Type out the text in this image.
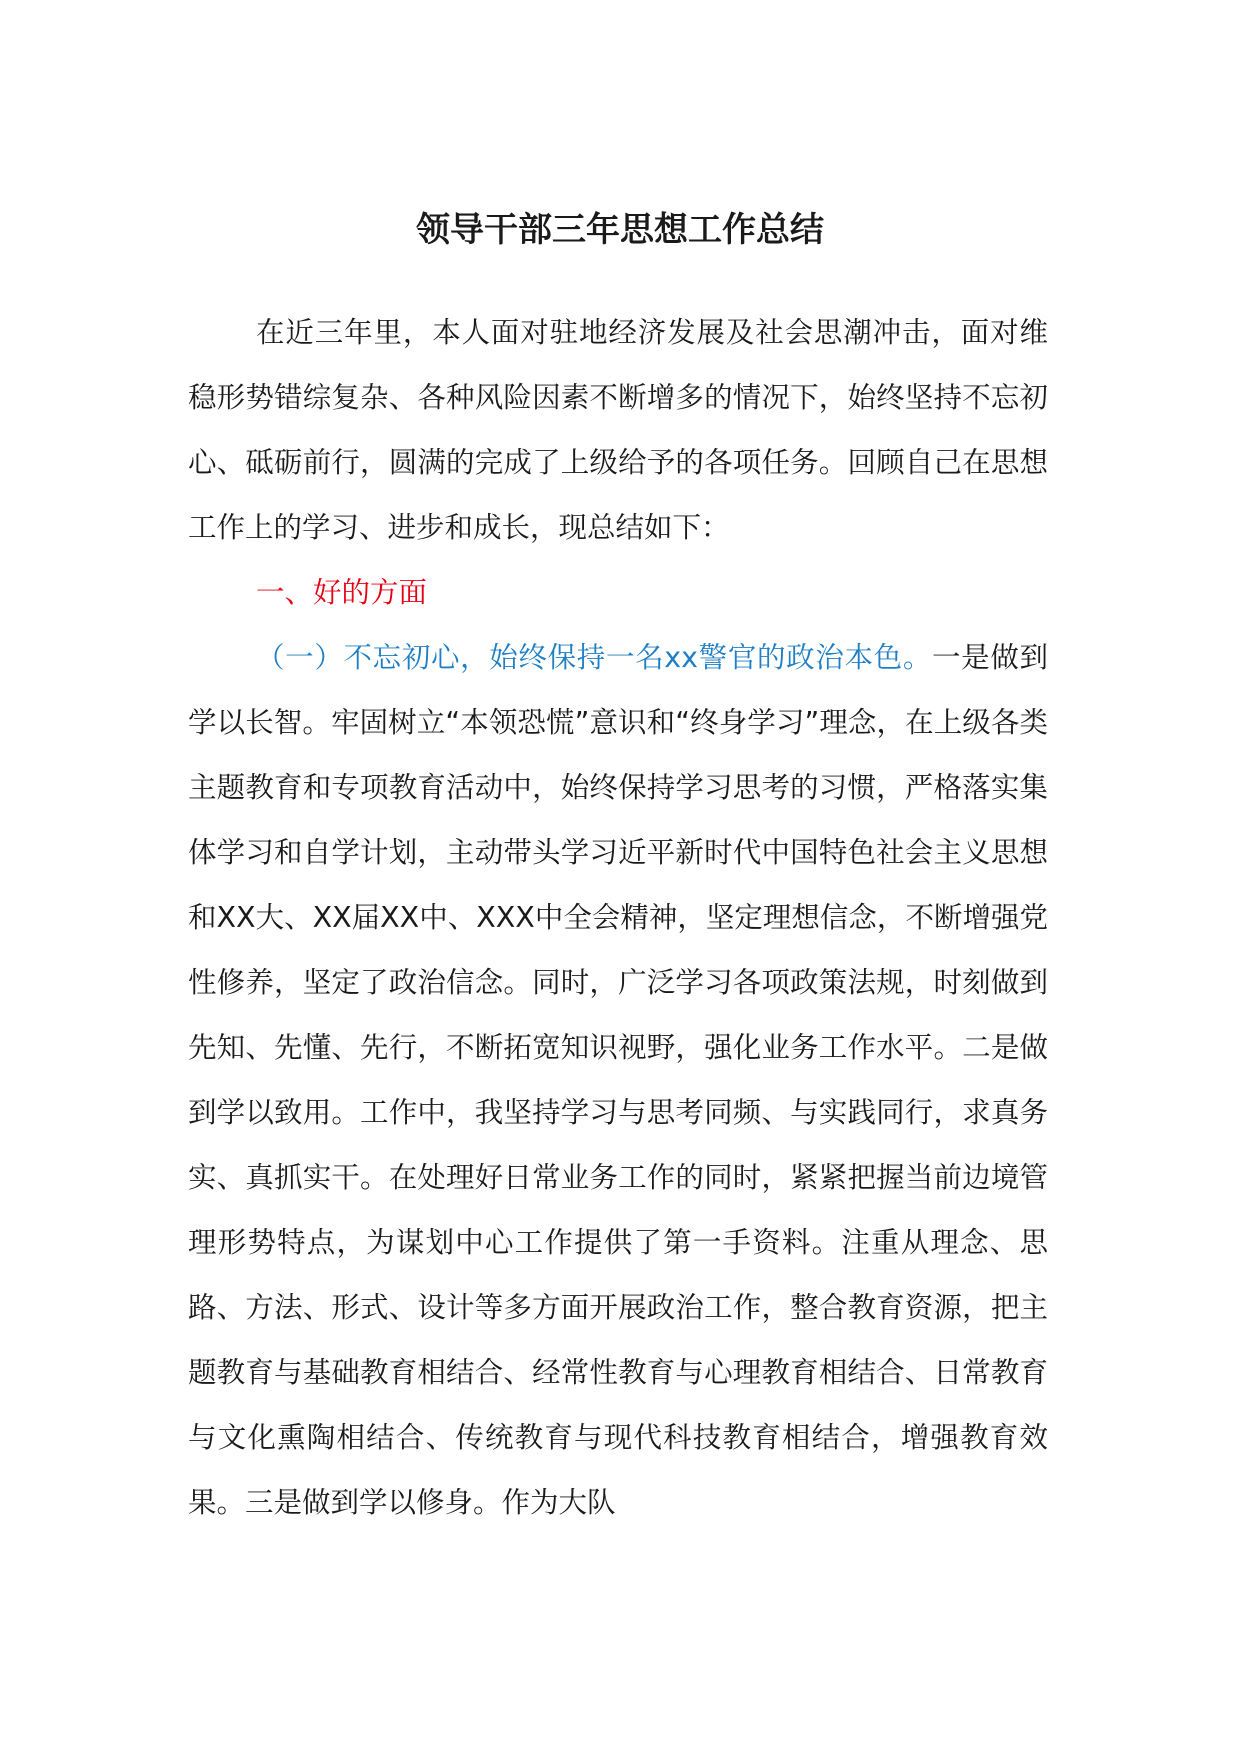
领导干部三年思想工作总结

在近三年里，本人面对驻地经济发展及社会思潮冲击，面对维稳形势错综复杂、各种风险因素不断增多的情况下，始终坚持不忘初心、砥砺前行，圆满的完成了上级给予的各项任务。回顾自己在思想工作上的学习、进步和成长，现总结如下：

一、好的方面

（一）不忘初心，始终保持一名xx警官的政治本色。一是做到学以长智。牢固树立“本领恐慌”意识和“终身学习”理念，在上级各类主题教育和专项教育活动中，始终保持学习思考的习惯，严格落实集体学习和自学计划，主动带头学习近平新时代中国特色社会主义思想和XX大、XX届XX中、XXX中全会精神，坚定理想信念，不断增强党性修养，坚定了政治信念。同时，广泛学习各项政策法规，时刻做到先知、先懂、先行，不断拓宽知识视野，强化业务工作水平。二是做到学以致用。工作中，我坚持学习与思考同频、与实践同行，求真务实、真抓实干。在处理好日常业务工作的同时，紧紧把握当前边境管理形势特点，为谋划中心工作提供了第一手资料。注重从理念、思路、方法、形式、设计等多方面开展政治工作，整合教育资源，把主题教育与基础教育相结合、经常性教育与心理教育相结合、日常教育与文化熏陶相结合、传统教育与现代科技教育相结合，增强教育效果。三是做到学以修身。作为大队
